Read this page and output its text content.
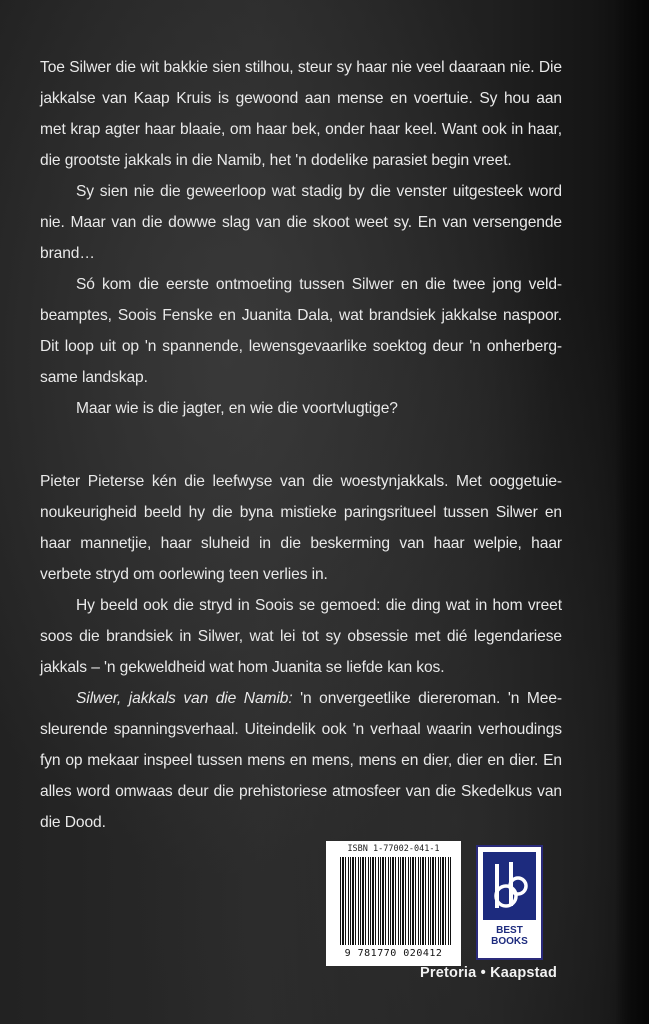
Toe Silwer die wit bakkie sien stilhou, steur sy haar nie veel daaraan nie. Die jakkalse van Kaap Kruis is gewoond aan mense en voertuie. Sy hou aan met krap agter haar blaaie, om haar bek, onder haar keel. Want ook in haar, die grootste jakkals in die Namib, het 'n dodelike parasiet begin vreet.

Sy sien nie die geweerloop wat stadig by die venster uitgesteek word nie. Maar van die dowwe slag van die skoot weet sy. En van versengende brand…

Só kom die eerste ontmoeting tussen Silwer en die twee jong veld-beamptes, Soois Fenske en Juanita Dala, wat brandsiek jakkalse naspoor. Dit loop uit op 'n spannende, lewensgevaarlike soektog deur 'n onherberg-same landskap.

Maar wie is die jagter, en wie die voortvlugtige?

Pieter Pieterse kén die leefwyse van die woestynjakkals. Met ooggetuie-noukeurigheid beeld hy die byna mistieke paringsritueel tussen Silwer en haar mannetjie, haar sluheid in die beskerming van haar welpie, haar verbete stryd om oorlewing teen verlies in.

Hy beeld ook die stryd in Soois se gemoed: die ding wat in hom vreet soos die brandsiek in Silwer, wat lei tot sy obsessie met dié legendariese jakkals – 'n gekweldheid wat hom Juanita se liefde kan kos.

Silwer, jakkals van die Namib: 'n onvergeetlike diereroman. 'n Mee-sleurende spanningsverhaal. Uiteindelik ook 'n verhaal waarin verhoudings fyn op mekaar inspeel tussen mens en mens, mens en dier, dier en dier. En alles word omwaas deur die prehistoriese atmosfeer van die Skedelkus van die Dood.

ISBN 1-77002-041-1
9 781770 020412
BEST
BOOKS
Pretoria • Kaapstad
